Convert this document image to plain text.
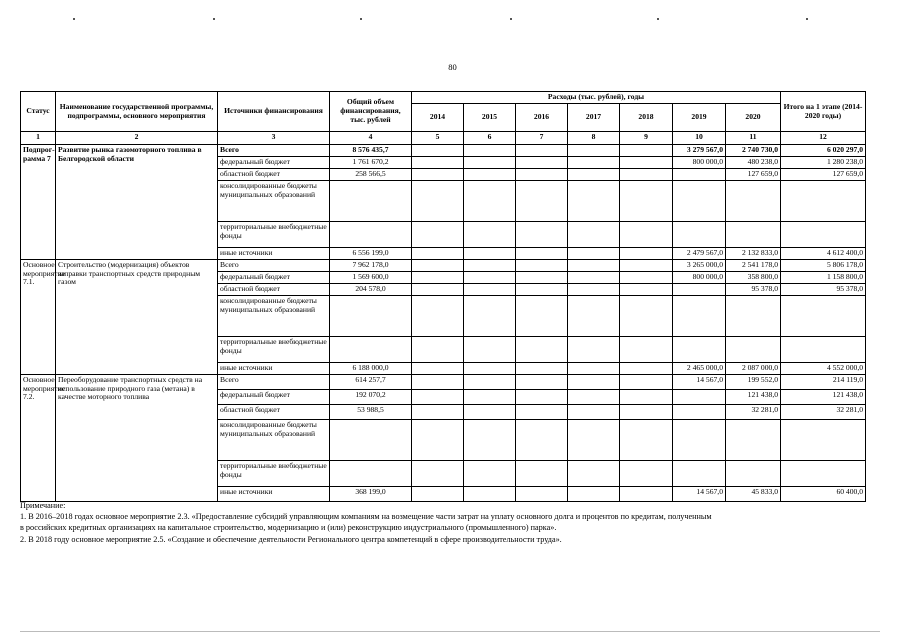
80
Статус	Наименование государственной программы, подпрограммы, основного мероприятия	Источники финансирования	Общий объем финансирования, тыс. рублей	Расходы (тыс. рублей), годы							Итого на 1 этапе (2014-2020 годы)
				2014	2015	2016	2017	2018	2019	2020	
1	2	3	4	5	6	7	8	9	10	11	12
Подпрог-рамма 7	Развитие рынка газомоторного топлива в Белгородской области	Всего	8 576 435,7						3 279 567,0	2 740 730,0	6 020 297,0
		федеральный бюджет	1 761 670,2						800 000,0	480 238,0	1 280 238,0
		областной бюджет	258 566,5							127 659,0	127 659,0
		консолидированные бюджеты муниципальных образований									
		территориальные внебюджетные фонды									
		иные источники	6 556 199,0						2 479 567,0	2 132 833,0	4 612 400,0
Основное мероприятие 7.1.	Строительство (модернизация) объектов заправки транспортных средств природным газом	Всего	7 962 178,0						3 265 000,0	2 541 178,0	5 806 178,0
		федеральный бюджет	1 569 600,0						800 000,0	358 800,0	1 158 800,0
		областной бюджет	204 578,0							95 378,0	95 378,0
		консолидированные бюджеты муниципальных образований									
		территориальные внебюджетные фонды									
		иные источники	6 188 000,0						2 465 000,0	2 087 000,0	4 552 000,0
Основное мероприятие 7.2.	Переоборудование транспортных средств на использование природного газа (метана) в качестве моторного топлива	Всего	614 257,7						14 567,0	199 552,0	214 119,0
		федеральный бюджет	192 070,2							121 438,0	121 438,0
		областной бюджет	53 988,5							32 281,0	32 281,0
		консолидированные бюджеты муниципальных образований									
		территориальные внебюджетные фонды									
		иные источники	368 199,0						14 567,0	45 833,0	60 400,0
Примечание:
1. В 2016–2018 годах основное мероприятие 2.3. «Предоставление субсидий управляющим компаниям на возмещение части затрат на уплату основного долга и процентов по кредитам, полученным
в российских кредитных организациях на капитальное строительство, модернизацию и (или) реконструкцию индустриального (промышленного) парка».
2. В 2018 году основное мероприятие 2.5. «Создание и обеспечение деятельности Регионального центра компетенций в сфере производительности труда».
